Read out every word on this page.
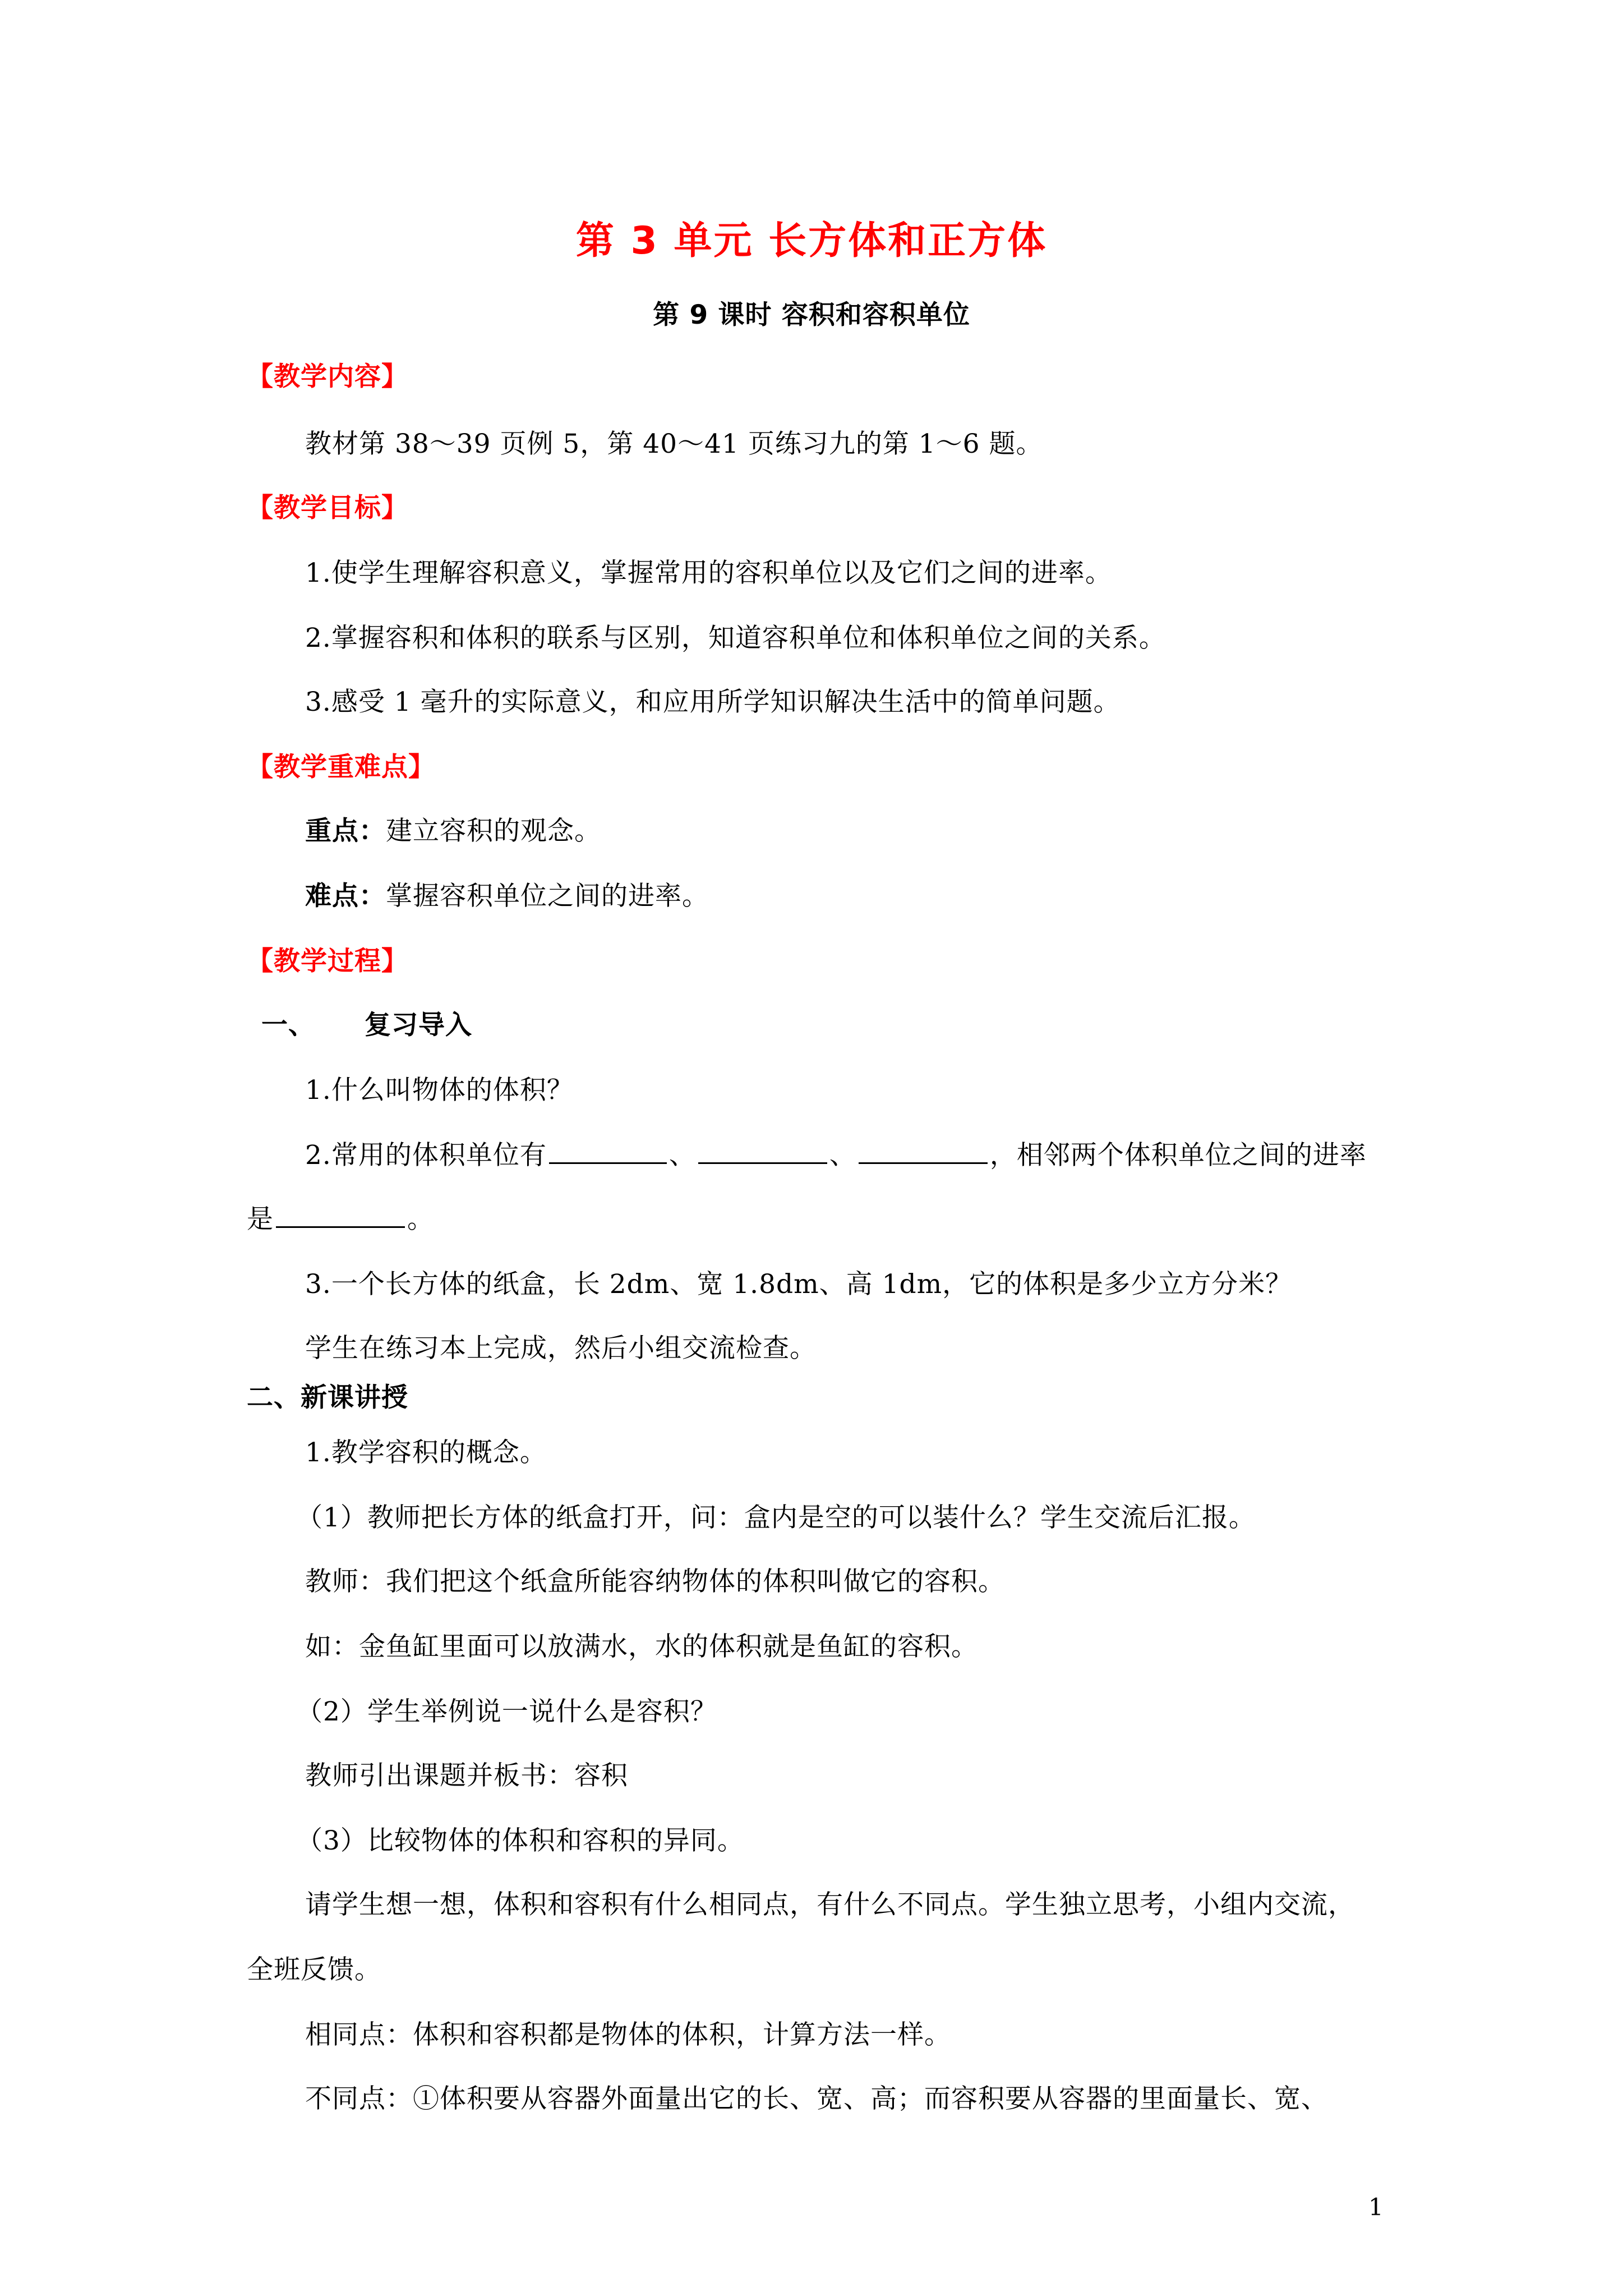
第 3 单元 长方体和正方体
第 9 课时 容积和容积单位
【教学内容】
教材第 38～39 页例 5，第 40～41 页练习九的第 1～6 题。
【教学目标】
1.使学生理解容积意义，掌握常用的容积单位以及它们之间的进率。
2.掌握容积和体积的联系与区别，知道容积单位和体积单位之间的关系。
3.感受 1 毫升的实际意义，和应用所学知识解决生活中的简单问题。
【教学重难点】
重点：建立容积的观念。
难点：掌握容积单位之间的进率。
【教学过程】
一、 复习导入
1.什么叫物体的体积？
2.常用的体积单位有	、	、	，相邻两个体积单位之间的进率
是	。
3.一个长方体的纸盒，长 2dm、宽 1.8dm、高 1dm，它的体积是多少立方分米？
学生在练习本上完成，然后小组交流检查。
二、新课讲授
1.教学容积的概念。
（1）教师把长方体的纸盒打开，问：盒内是空的可以装什么？学生交流后汇报。
教师：我们把这个纸盒所能容纳物体的体积叫做它的容积。
如：金鱼缸里面可以放满水，水的体积就是鱼缸的容积。
（2）学生举例说一说什么是容积？
教师引出课题并板书：容积
（3）比较物体的体积和容积的异同。
请学生想一想，体积和容积有什么相同点，有什么不同点。学生独立思考，小组内交流，
全班反馈。
相同点：体积和容积都是物体的体积，计算方法一样。
不同点：①体积要从容器外面量出它的长、宽、高；而容积要从容器的里面量长、宽、
1
